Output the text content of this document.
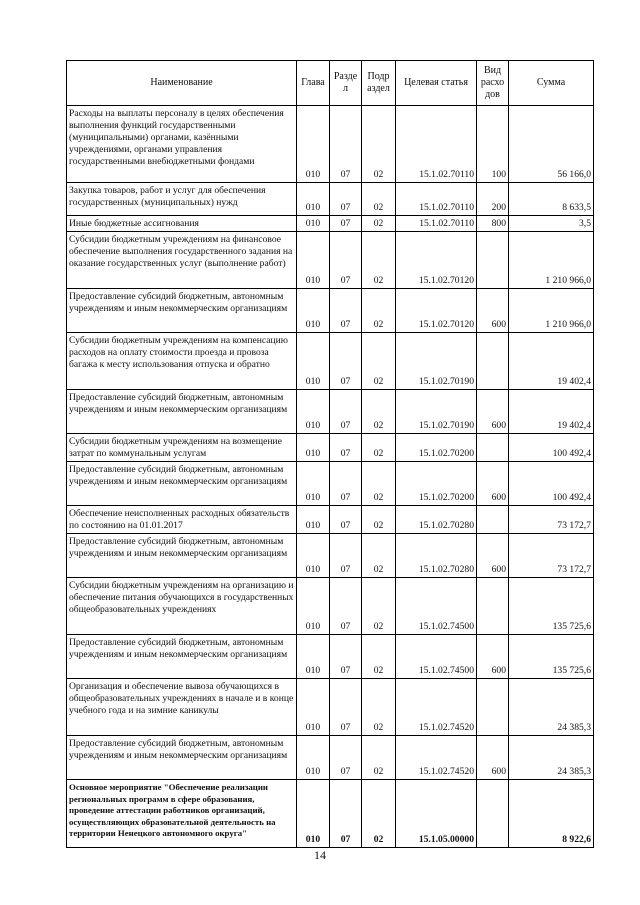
Наименование	Глава	Разде л	Подр аздел	Целевая статья	Вид расхо дов	Сумма
Расходы на выплаты персоналу в целях обеспечения выполнения функций государственными (муниципальными) органами, казёнными учреждениями, органами управления государственными внебюджетными фондами	010	07	02	15.1.02.70110	100	56 166,0
Закупка товаров, работ и услуг для обеспечения государственных (муниципальных) нужд	010	07	02	15.1.02.70110	200	8 633,5
Иные бюджетные ассигнования	010	07	02	15.1.02.70110	800	3,5
Субсидии бюджетным учреждениям на финансовое обеспечение выполнения государственного задания на оказание государственных услуг (выполнение работ)	010	07	02	15.1.02.70120		1 210 966,0
Предоставление субсидий бюджетным, автономным учреждениям и иным некоммерческим организациям	010	07	02	15.1.02.70120	600	1 210 966,0
Субсидии бюджетным учреждениям на компенсацию расходов на оплату стоимости проезда и провоза багажа к месту использования отпуска и обратно	010	07	02	15.1.02.70190		19 402,4
Предоставление субсидий бюджетным, автономным учреждениям и иным некоммерческим организациям	010	07	02	15.1.02.70190	600	19 402,4
Субсидии бюджетным учреждениям на возмещение затрат по коммунальным услугам	010	07	02	15.1.02.70200		100 492,4
Предоставление субсидий бюджетным, автономным учреждениям и иным некоммерческим организациям	010	07	02	15.1.02.70200	600	100 492,4
Обеспечение неисполненных расходных обязательств по состоянию на 01.01.2017	010	07	02	15.1.02.70280		73 172,7
Предоставление субсидий бюджетным, автономным учреждениям и иным некоммерческим организациям	010	07	02	15.1.02.70280	600	73 172,7
Субсидии бюджетным учреждениям на организацию и обеспечение питания обучающихся в государственных общеобразовательных учреждениях	010	07	02	15.1.02.74500		135 725,6
Предоставление субсидий бюджетным, автономным учреждениям и иным некоммерческим организациям	010	07	02	15.1.02.74500	600	135 725,6
Организация и обеспечение вывоза обучающихся в общеобразовательных учреждениях в начале и в конце учебного года и на зимние каникулы	010	07	02	15.1.02.74520		24 385,3
Предоставление субсидий бюджетным, автономным учреждениям и иным некоммерческим организациям	010	07	02	15.1.02.74520	600	24 385,3
Основное мероприятие "Обеспечение реализации региональных программ в сфере образования, проведение аттестации работников организаций, осуществляющих образовательной деятельность на территории Ненецкого автономного округа"	010	07	02	15.1.05.00000		8 922,6
14
